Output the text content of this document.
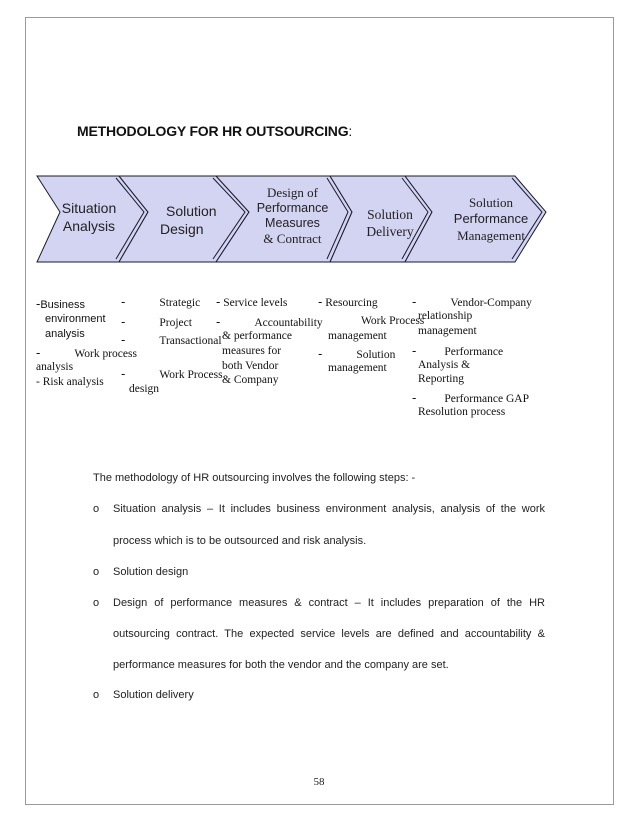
METHODOLOGY FOR HR OUTSOURCING:
Situation
Analysis
Solution
Design
Design of
Performance
Measures
& Contract
Solution
Delivery
Solution
Performance
Management
-Business
environment
analysis
-	Work process
analysis
- Risk analysis
-	Strategic
-	Project
-	Transactional
-	Work Process
design
- Service levels
-	Accountability
& performance
measures for
both Vendor
& Company
- Resourcing
Work Process
management
-	Solution
management
-	Vendor-Company
relationship
management
- Performance
Analysis &
Reporting
- Performance GAP
Resolution process
The methodology of HR outsourcing involves the following steps: -
o Situation analysis – It includes business environment analysis, analysis of the work
process which is to be outsourced and risk analysis.
o Solution design
o Design of performance measures & contract – It includes preparation of the HR
outsourcing contract. The expected service levels are defined and accountability &
performance measures for both the vendor and the company are set.
o Solution delivery
58
